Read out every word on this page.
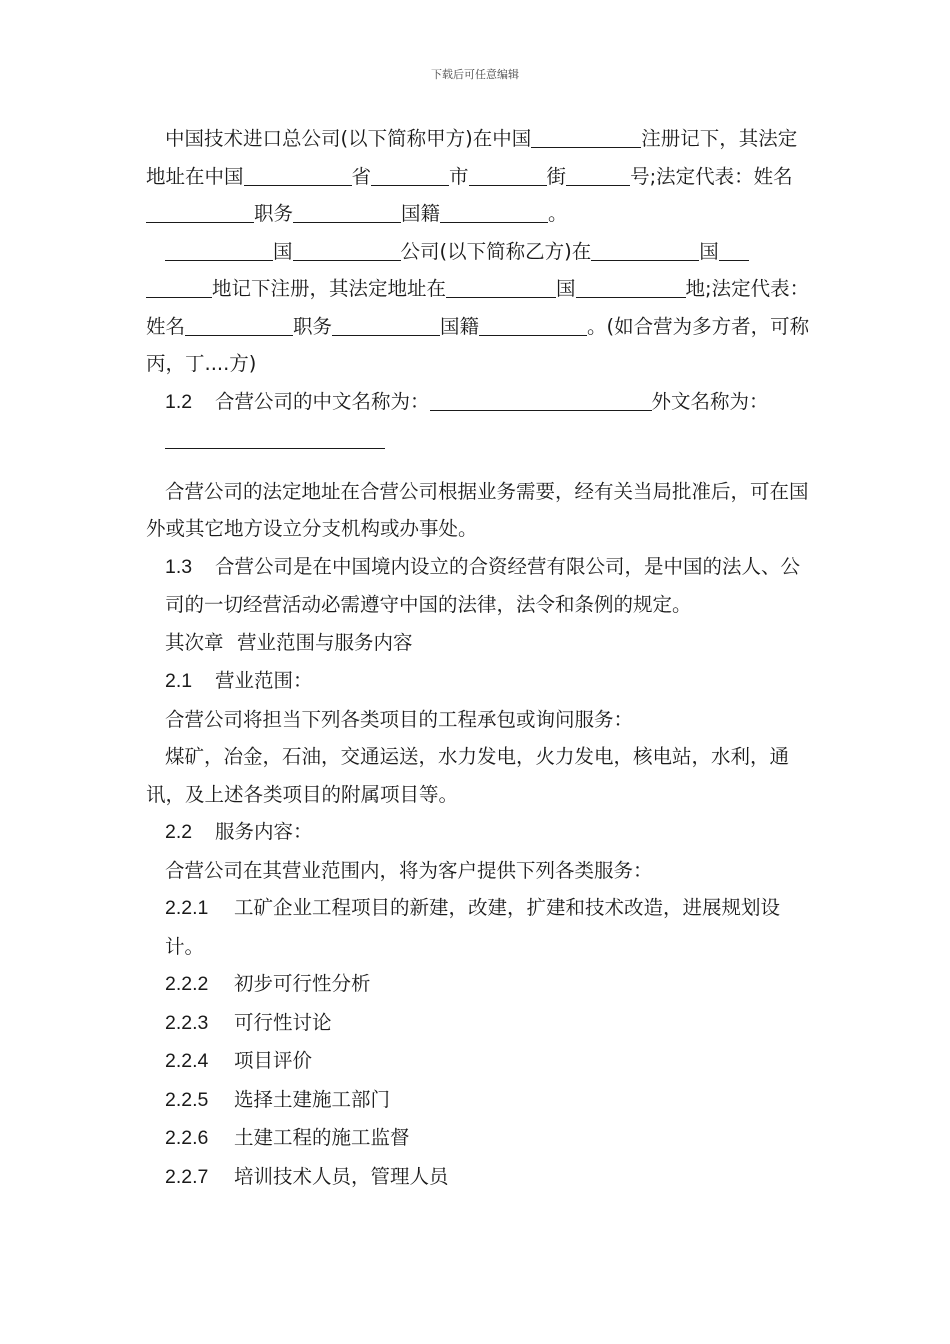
下载后可任意编辑

中国技术进口总公司(以下简称甲方)在中国	注册记下，其法定地址在中国	省	市	街	号;法定代表：姓名职务	国籍	。

国	公司(以下简称乙方)在	国地记下注册，其法定地址在	国	地;法定代表：姓名	职务	国籍	。(如合营为多方者，可称丙，丁....方)

1.2 合营公司的中文名称为：	外文名称为：

合营公司的法定地址在合营公司根据业务需要，经有关当局批准后，可在国外或其它地方设立分支机构或办事处。

1.3 合营公司是在中国境内设立的合资经营有限公司，是中国的法人、公司的一切经营活动必需遵守中国的法律，法令和条例的规定。

其次章 营业范围与服务内容

2.1 营业范围：

合营公司将担当下列各类项目的工程承包或询问服务：

煤矿，冶金，石油，交通运送，水力发电，火力发电，核电站，水利，通讯，及上述各类项目的附属项目等。

2.2 服务内容：

合营公司在其营业范围内，将为客户提供下列各类服务：

2.2.1 工矿企业工程项目的新建，改建，扩建和技术改造，进展规划设计。

2.2.2 初步可行性分析

2.2.3 可行性讨论

2.2.4 项目评价

2.2.5 选择土建施工部门

2.2.6 土建工程的施工监督

2.2.7 培训技术人员，管理人员
